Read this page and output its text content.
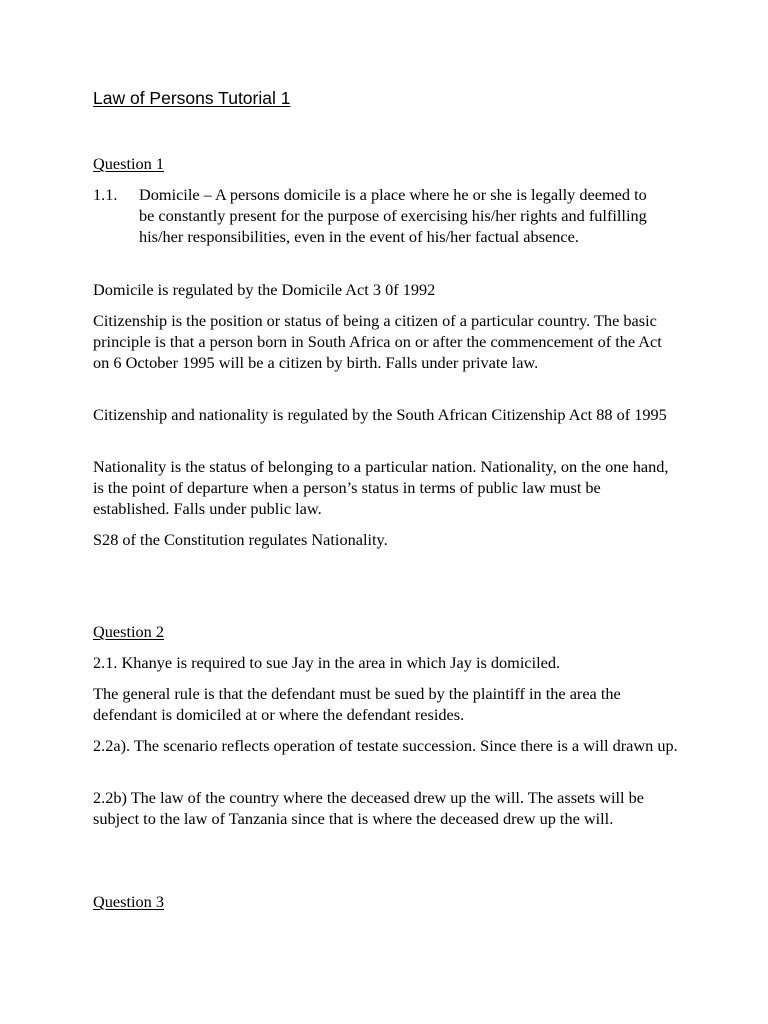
Law of Persons Tutorial 1
Question 1
1.1. Domicile – A persons domicile is a place where he or she is legally deemed to be constantly present for the purpose of exercising his/her rights and fulfilling his/her responsibilities, even in the event of his/her factual absence.
Domicile is regulated by the Domicile Act 3 0f 1992
Citizenship is the position or status of being a citizen of a particular country. The basic principle is that a person born in South Africa on or after the commencement of the Act on 6 October 1995 will be a citizen by birth. Falls under private law.
Citizenship and nationality is regulated by the South African Citizenship Act 88 of 1995
Nationality is the status of belonging to a particular nation. Nationality, on the one hand, is the point of departure when a person’s status in terms of public law must be established. Falls under public law.
S28 of the Constitution regulates Nationality.
Question 2
2.1. Khanye is required to sue Jay in the area in which Jay is domiciled.
The general rule is that the defendant must be sued by the plaintiff in the area the defendant is domiciled at or where the defendant resides.
2.2a). The scenario reflects operation of testate succession. Since there is a will drawn up.
2.2b) The law of the country where the deceased drew up the will. The assets will be subject to the law of Tanzania since that is where the deceased drew up the will.
Question 3
